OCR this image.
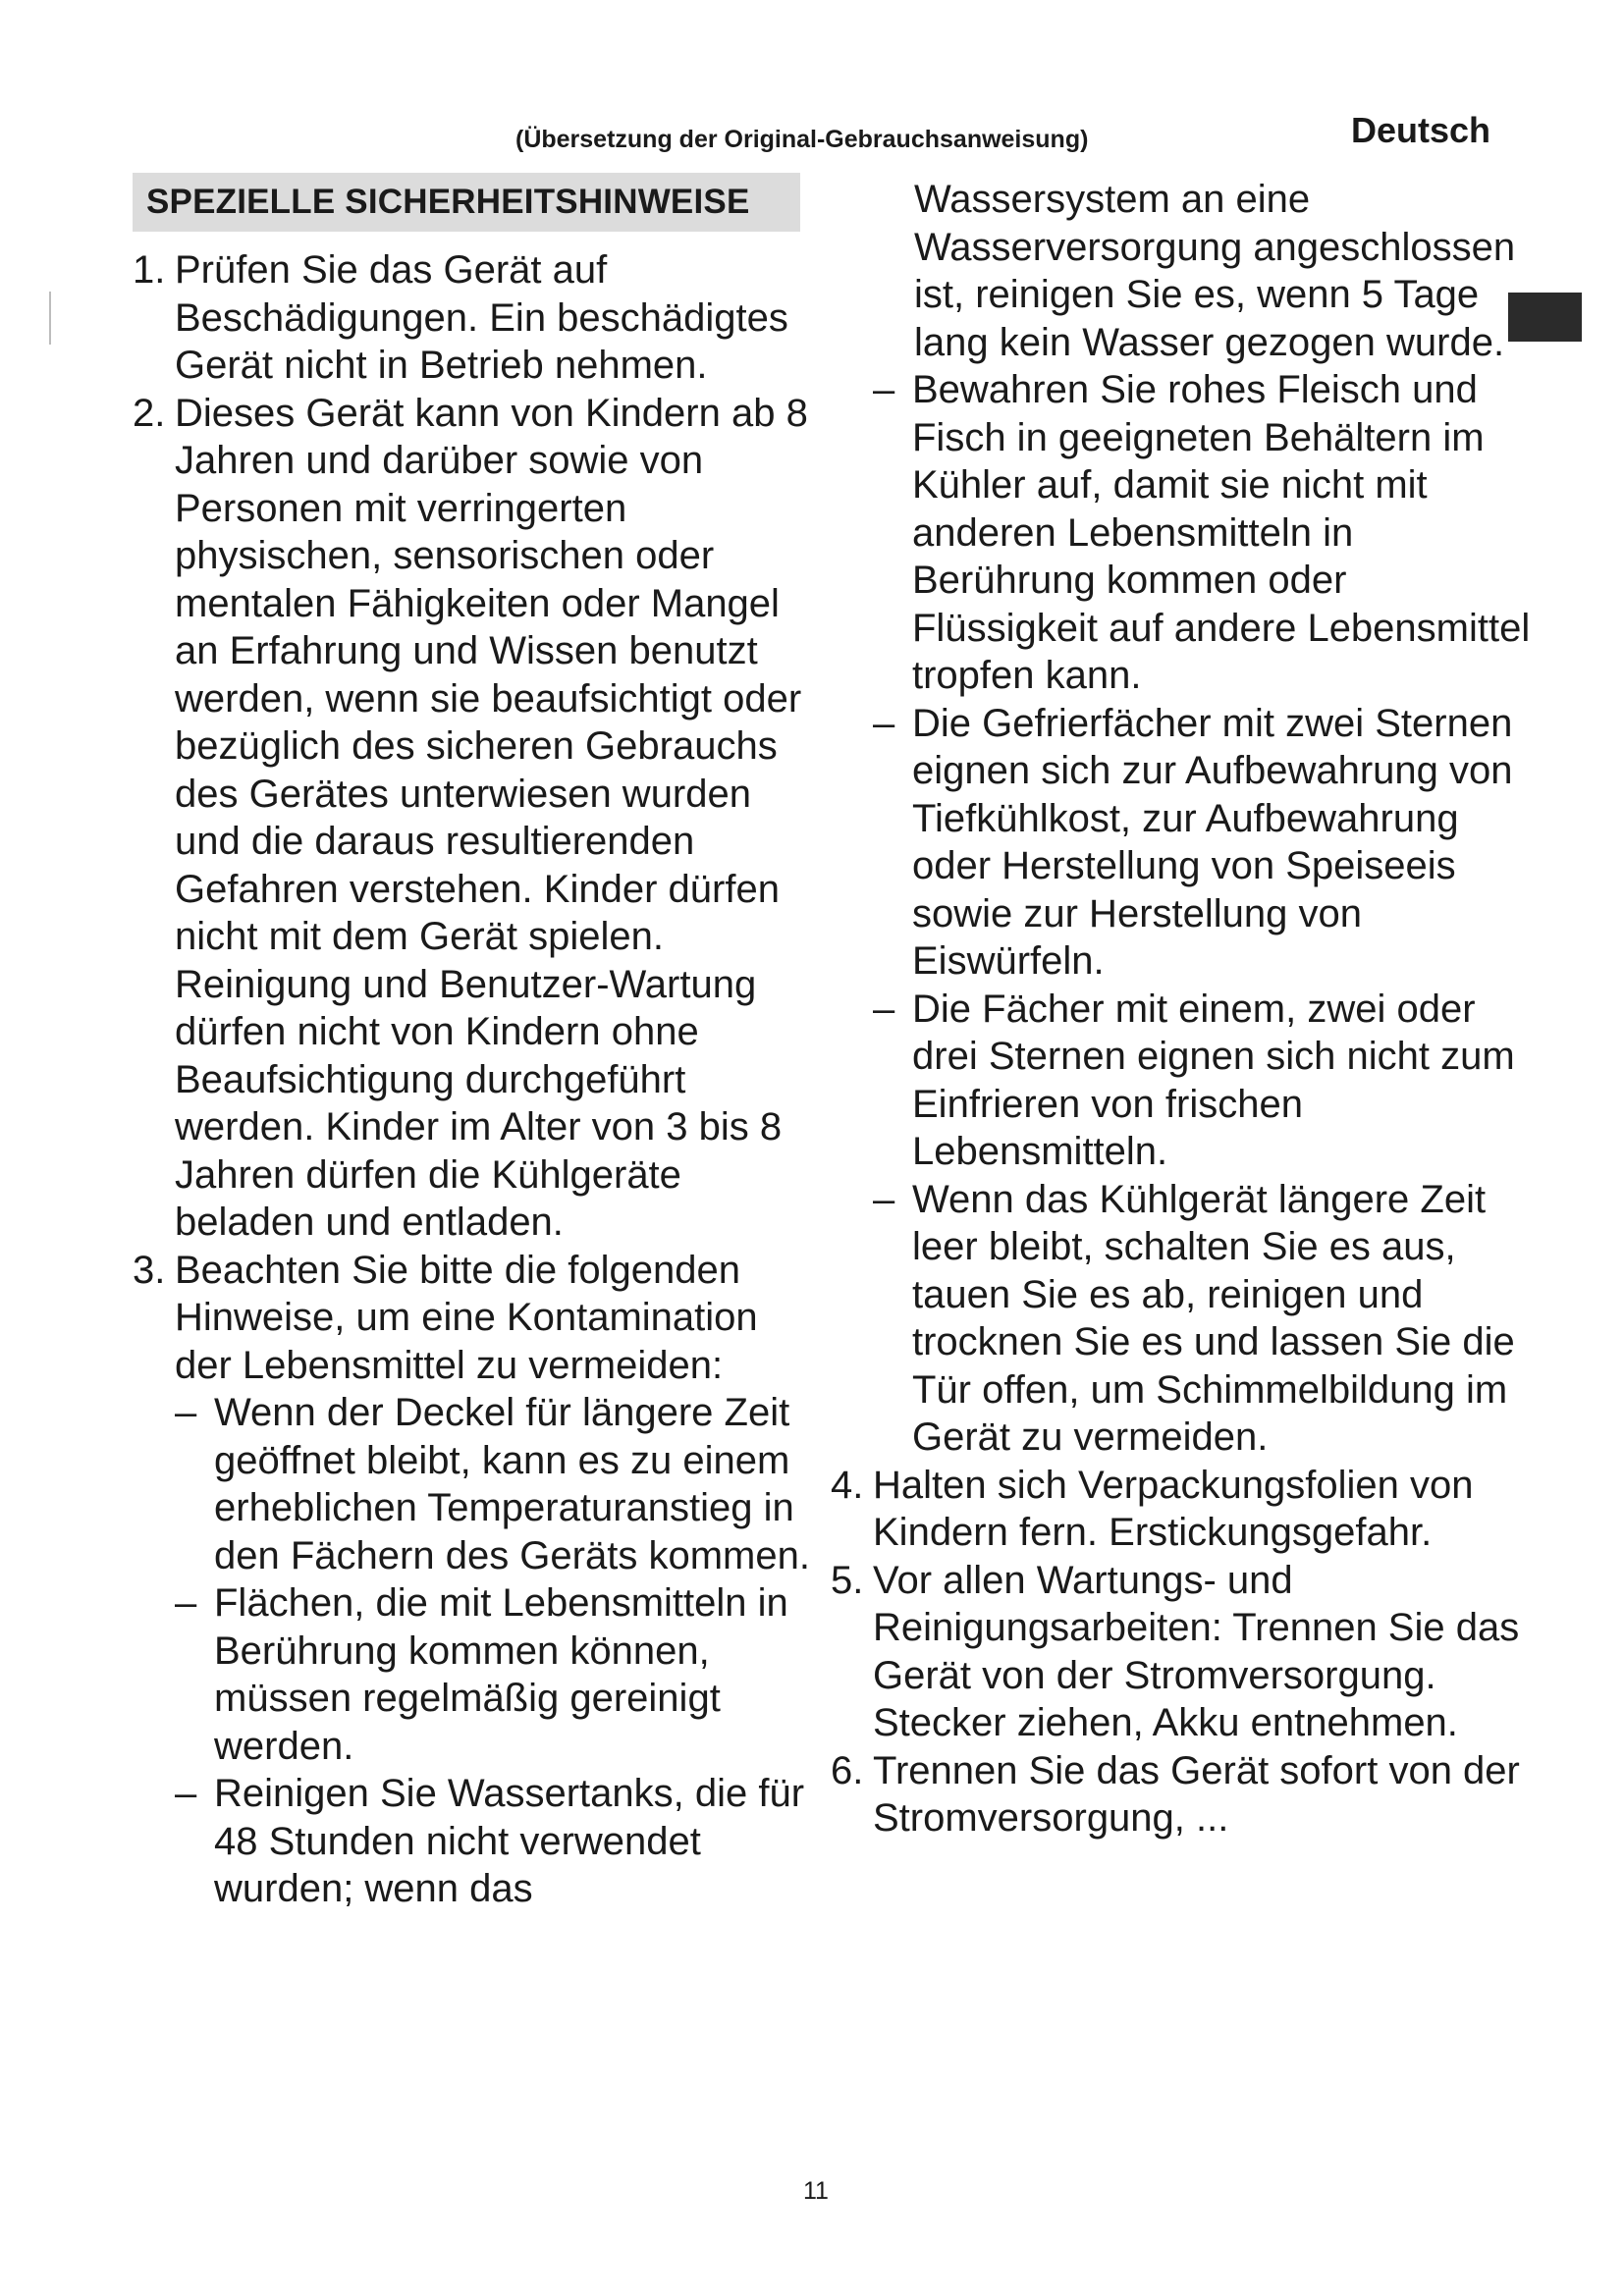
(Übersetzung der Original-Gebrauchsanweisung)	Deutsch
SPEZIELLE SICHERHEITSHINWEISE
1. Prüfen Sie das Gerät auf Beschädigungen. Ein beschädigtes Gerät nicht in Betrieb nehmen.
2. Dieses Gerät kann von Kindern ab 8 Jahren und darüber sowie von Personen mit verringerten physischen, sensorischen oder mentalen Fähigkeiten oder Mangel an Erfahrung und Wissen benutzt werden, wenn sie beaufsichtigt oder bezüglich des sicheren Gebrauchs des Gerätes unterwiesen wurden und die daraus resultierenden Gefahren verstehen. Kinder dürfen nicht mit dem Gerät spielen. Reinigung und Benutzer-Wartung dürfen nicht von Kindern ohne Beaufsichtigung durchgeführt werden. Kinder im Alter von 3 bis 8 Jahren dürfen die Kühlgeräte beladen und entladen.
3. Beachten Sie bitte die folgenden Hinweise, um eine Kontamination der Lebensmittel zu vermeiden:
– Wenn der Deckel für längere Zeit geöffnet bleibt, kann es zu einem erheblichen Temperaturanstieg in den Fächern des Geräts kommen.
– Flächen, die mit Lebensmitteln in Berührung kommen können, müssen regelmäßig gereinigt werden.
– Reinigen Sie Wassertanks, die für 48 Stunden nicht verwendet wurden; wenn das
Wassersystem an eine Wasserversorgung angeschlossen ist, reinigen Sie es, wenn 5 Tage lang kein Wasser gezogen wurde.
– Bewahren Sie rohes Fleisch und Fisch in geeigneten Behältern im Kühler auf, damit sie nicht mit anderen Lebensmitteln in Berührung kommen oder Flüssigkeit auf andere Lebensmittel tropfen kann.
– Die Gefrierfächer mit zwei Sternen eignen sich zur Aufbewahrung von Tiefkühlkost, zur Aufbewahrung oder Herstellung von Speiseeis sowie zur Herstellung von Eiswürfeln.
– Die Fächer mit einem, zwei oder drei Sternen eignen sich nicht zum Einfrieren von frischen Lebensmitteln.
– Wenn das Kühlgerät längere Zeit leer bleibt, schalten Sie es aus, tauen Sie es ab, reinigen und trocknen Sie es und lassen Sie die Tür offen, um Schimmelbildung im Gerät zu vermeiden.
4. Halten sich Verpackungsfolien von Kindern fern. Erstickungsgefahr.
5. Vor allen Wartungs- und Reinigungsarbeiten: Trennen Sie das Gerät von der Stromversorgung. Stecker ziehen, Akku entnehmen.
6. Trennen Sie das Gerät sofort von der Stromversorgung, ...
11
